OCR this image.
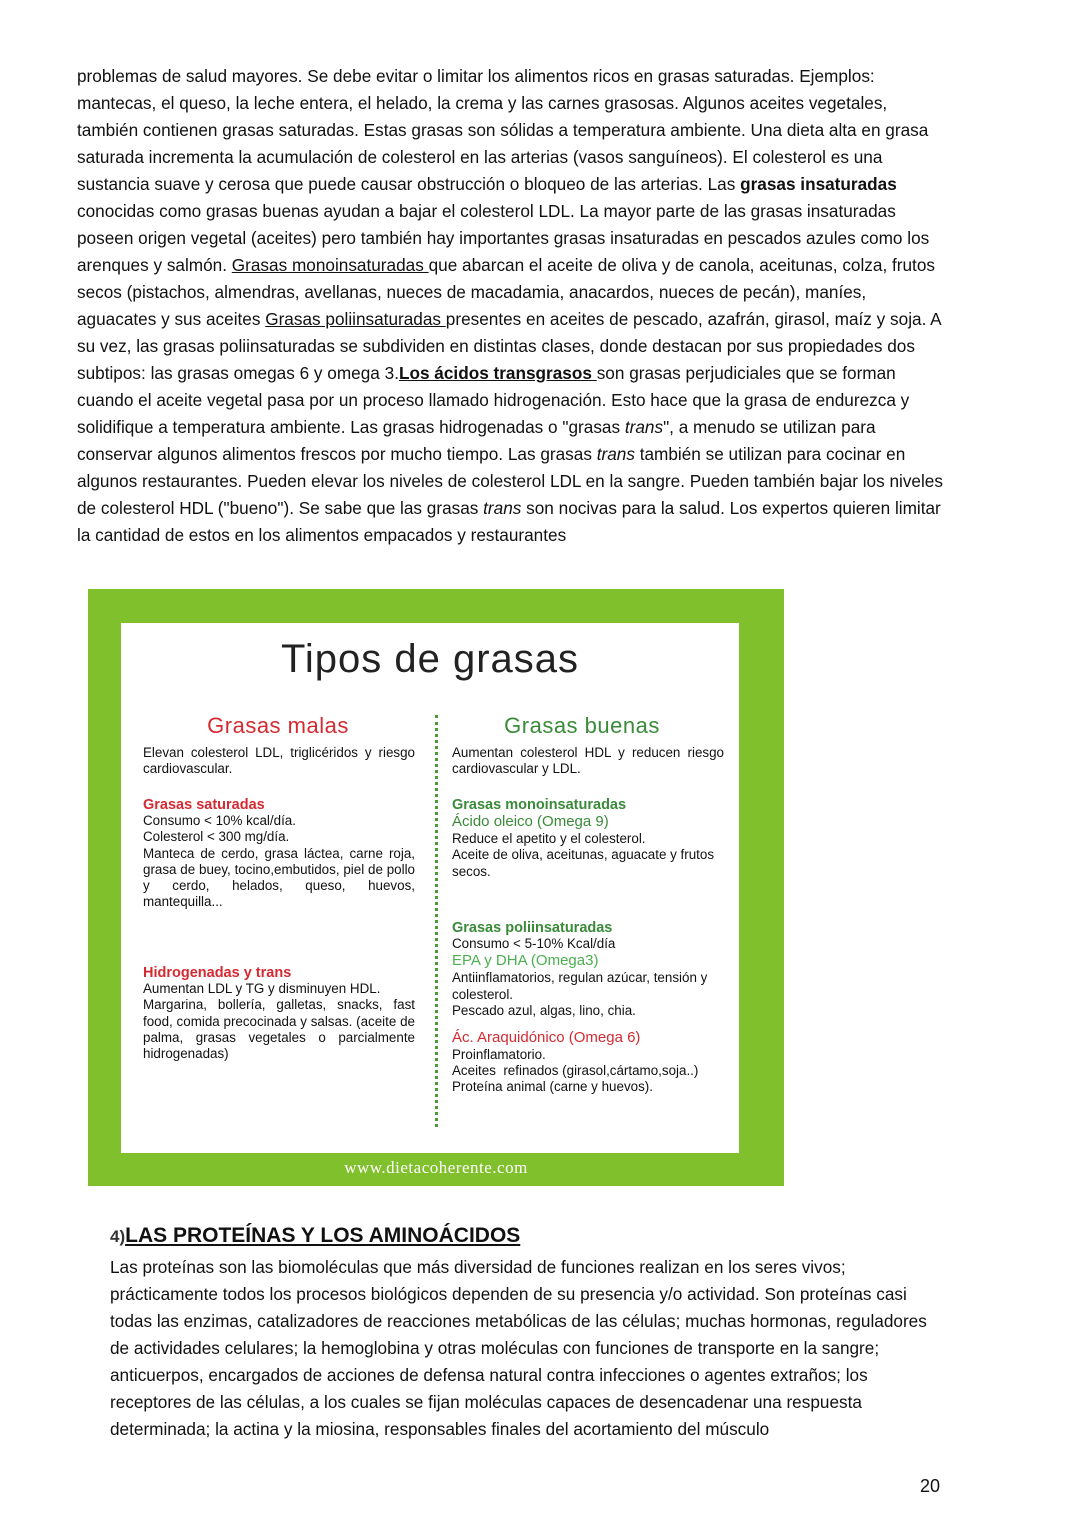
problemas de salud mayores. Se debe evitar o limitar los alimentos ricos en grasas saturadas. Ejemplos: mantecas, el queso, la leche entera, el helado, la crema y las carnes grasosas. Algunos aceites vegetales, también contienen grasas saturadas. Estas grasas son sólidas a temperatura ambiente. Una dieta alta en grasa saturada incrementa la acumulación de colesterol en las arterias (vasos sanguíneos). El colesterol es una sustancia suave y cerosa que puede causar obstrucción o bloqueo de las arterias. Las grasas insaturadas conocidas como grasas buenas ayudan a bajar el colesterol LDL. La mayor parte de las grasas insaturadas poseen origen vegetal (aceites) pero también hay importantes grasas insaturadas en pescados azules como los arenques y salmón. Grasas monoinsaturadas que abarcan el aceite de oliva y de canola, aceitunas, colza, frutos secos (pistachos, almendras, avellanas, nueces de macadamia, anacardos, nueces de pecán), maníes, aguacates y sus aceites Grasas poliinsaturadas presentes en aceites de pescado, azafrán, girasol, maíz y soja. A su vez, las grasas poliinsaturadas se subdividen en distintas clases, donde destacan por sus propiedades dos subtipos: las grasas omegas 6 y omega 3.Los ácidos transgrasos son grasas perjudiciales que se forman cuando el aceite vegetal pasa por un proceso llamado hidrogenación. Esto hace que la grasa de endurezca y solidifique a temperatura ambiente. Las grasas hidrogenadas o "grasas trans", a menudo se utilizan para conservar algunos alimentos frescos por mucho tiempo. Las grasas trans también se utilizan para cocinar en algunos restaurantes. Pueden elevar los niveles de colesterol LDL en la sangre. Pueden también bajar los niveles de colesterol HDL ("bueno"). Se sabe que las grasas trans son nocivas para la salud. Los expertos quieren limitar la cantidad de estos en los alimentos empacados y restaurantes
Tipos de grasas
Grasas malas	Grasas buenas
Elevan colesterol LDL, triglicéridos y riesgo cardiovascular.
Grasas saturadas
Consumo < 10% kcal/día.
Colesterol < 300 mg/día.
Manteca de cerdo, grasa láctea, carne roja, grasa de buey, tocino,embutidos, piel de pollo y cerdo, helados, queso, huevos, mantequilla...
Hidrogenadas y trans
Aumentan LDL y TG y disminuyen HDL.
Margarina, bollería, galletas, snacks, fast food, comida precocinada y salsas. (aceite de palma, grasas vegetales o parcialmente hidrogenadas)
Aumentan colesterol HDL y reducen riesgo cardiovascular y LDL.
Grasas monoinsaturadas
Ácido oleico (Omega 9)
Reduce el apetito y el colesterol.
Aceite de oliva, aceitunas, aguacate y frutos secos.
Grasas poliinsaturadas
Consumo < 5-10% Kcal/día
EPA y DHA (Omega3)
Antiinflamatorios, regulan azúcar, tensión y colesterol.
Pescado azul, algas, lino, chia.
Ác. Araquidónico (Omega 6)
Proinflamatorio.
Aceites  refinados (girasol,cártamo,soja..)
Proteína animal (carne y huevos).
www.dietacoherente.com
4)LAS PROTEÍNAS Y LOS AMINOÁCIDOS
Las proteínas son las biomoléculas que más diversidad de funciones realizan en los seres vivos; prácticamente todos los procesos biológicos dependen de su presencia y/o actividad. Son proteínas casi todas las enzimas, catalizadores de reacciones metabólicas de las células; muchas hormonas, reguladores de actividades celulares; la hemoglobina y otras moléculas con funciones de transporte en la sangre; anticuerpos, encargados de acciones de defensa natural contra infecciones o agentes extraños; los receptores de las células, a los cuales se fijan moléculas capaces de desencadenar una respuesta determinada; la actina y la miosina, responsables finales del acortamiento del músculo
20
